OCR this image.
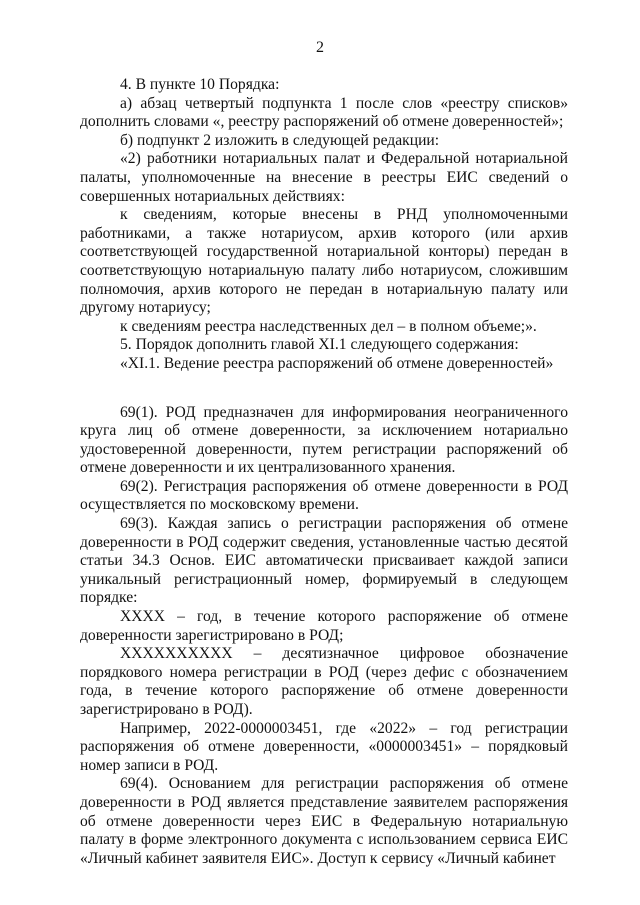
2

4. В пункте 10 Порядка:

а) абзац четвертый подпункта 1 после слов «реестру списков» дополнить словами «, реестру распоряжений об отмене доверенностей»;

б) подпункт 2 изложить в следующей редакции:

«2) работники нотариальных палат и Федеральной нотариальной палаты, уполномоченные на внесение в реестры ЕИС сведений о совершенных нотариальных действиях:

к сведениям, которые внесены в РНД уполномоченными работниками, а также нотариусом, архив которого (или архив соответствующей государственной нотариальной конторы) передан в соответствующую нотариальную палату либо нотариусом, сложившим полномочия, архив которого не передан в нотариальную палату или другому нотариусу;

к сведениям реестра наследственных дел – в полном объеме;».

5. Порядок дополнить главой XI.1 следующего содержания:

«XI.1. Ведение реестра распоряжений об отмене доверенностей»

69(1). РОД предназначен для информирования неограниченного круга лиц об отмене доверенности, за исключением нотариально удостоверенной доверенности, путем регистрации распоряжений об отмене доверенности и их централизованного хранения.

69(2). Регистрация распоряжения об отмене доверенности в РОД осуществляется по московскому времени.

69(3). Каждая запись о регистрации распоряжения об отмене доверенности в РОД содержит сведения, установленные частью десятой статьи 34.3 Основ. ЕИС автоматически присваивает каждой записи уникальный регистрационный номер, формируемый в следующем порядке:

ХХХХ – год, в течение которого распоряжение об отмене доверенности зарегистрировано в РОД;

ХХХХХХХХХХ – десятизначное цифровое обозначение порядкового номера регистрации в РОД (через дефис с обозначением года, в течение которого распоряжение об отмене доверенности зарегистрировано в РОД).

Например, 2022-0000003451, где «2022» – год регистрации распоряжения об отмене доверенности, «0000003451» – порядковый номер записи в РОД.

69(4). Основанием для регистрации распоряжения об отмене доверенности в РОД является представление заявителем распоряжения об отмене доверенности через ЕИС в Федеральную нотариальную палату в форме электронного документа с использованием сервиса ЕИС «Личный кабинет заявителя ЕИС». Доступ к сервису «Личный кабинет
